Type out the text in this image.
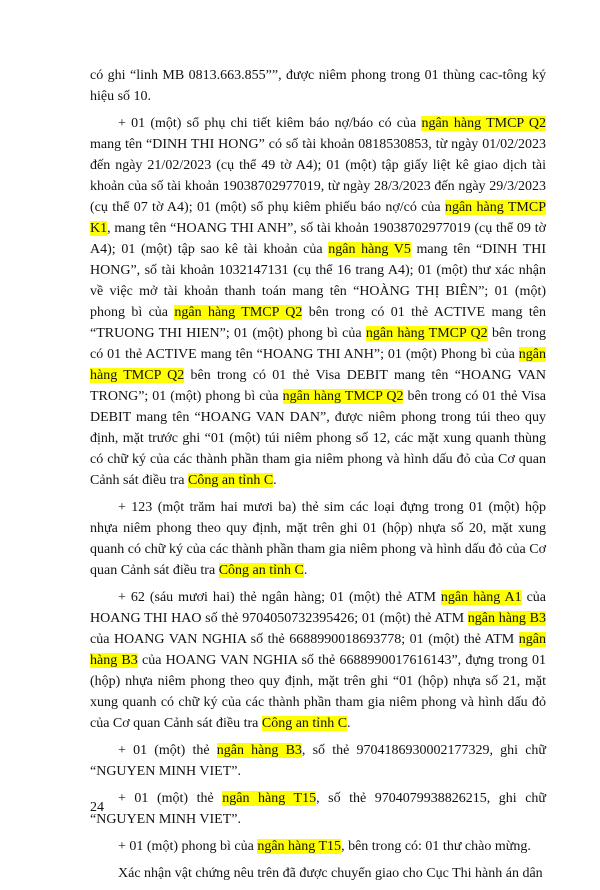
có ghi “linh MB 0813.663.855””, được niêm phong trong 01 thùng cac-tông ký hiệu số 10.

+ 01 (một) sổ phụ chi tiết kiêm báo nợ/báo có của ngân hàng TMCP Q2 mang tên “DINH THI HONG” có số tài khoản 0818530853, từ ngày 01/02/2023 đến ngày 21/02/2023 (cụ thể 49 tờ A4); 01 (một) tập giấy liệt kê giao dịch tài khoản của số tài khoản 19038702977019, từ ngày 28/3/2023 đến ngày 29/3/2023 (cụ thể 07 tờ A4); 01 (một) sổ phụ kiêm phiếu báo nợ/có của ngân hàng TMCP K1, mang tên “HOANG THI ANH”, số tài khoản 19038702977019 (cụ thể 09 tờ A4); 01 (một) tập sao kê tài khoản của ngân hàng V5 mang tên “DINH THI HONG”, số tài khoản 1032147131 (cụ thể 16 trang A4); 01 (một) thư xác nhận về việc mở tài khoản thanh toán mang tên “HOÀNG THỊ BIÊN”; 01 (một) phong bì của ngân hàng TMCP Q2 bên trong có 01 thẻ ACTIVE mang tên “TRUONG THI HIEN”; 01 (một) phong bì của ngân hàng TMCP Q2 bên trong có 01 thẻ ACTIVE mang tên “HOANG THI ANH”; 01 (một) Phong bì của ngân hàng TMCP Q2 bên trong có 01 thẻ Visa DEBIT mang tên “HOANG VAN TRONG”; 01 (một) phong bì của ngân hàng TMCP Q2 bên trong có 01 thẻ Visa DEBIT mang tên “HOANG VAN DAN”, được niêm phong trong túi theo quy định, mặt trước ghi “01 (một) túi niêm phong số 12, các mặt xung quanh thùng có chữ ký của các thành phần tham gia niêm phong và hình dấu đỏ của Cơ quan Cảnh sát điều tra Công an tỉnh C.

+ 123 (một trăm hai mươi ba) thẻ sim các loại đựng trong 01 (một) hộp nhựa niêm phong theo quy định, mặt trên ghi 01 (hộp) nhựa số 20, mặt xung quanh có chữ ký của các thành phần tham gia niêm phong và hình dấu đỏ của Cơ quan Cảnh sát điều tra Công an tỉnh C.

+ 62 (sáu mươi hai) thẻ ngân hàng; 01 (một) thẻ ATM ngân hàng A1 của HOANG THI HAO số thẻ 9704050732395426; 01 (một) thẻ ATM ngân hàng B3 của HOANG VAN NGHIA số thẻ 6688990018693778; 01 (một) thẻ ATM ngân hàng B3 của HOANG VAN NGHIA số thẻ 6688990017616143”, đựng trong 01 (hộp) nhựa niêm phong theo quy định, mặt trên ghi “01 (hộp) nhựa số 21, mặt xung quanh có chữ ký của các thành phần tham gia niêm phong và hình dấu đỏ của Cơ quan Cảnh sát điều tra Công an tỉnh C.

+ 01 (một) thẻ ngân hàng B3, số thẻ 9704186930002177329, ghi chữ “NGUYEN MINH VIET”.

+ 01 (một) thẻ ngân hàng T15, số thẻ 9704079938826215, ghi chữ “NGUYEN MINH VIET”.

+ 01 (một) phong bì của ngân hàng T15, bên trong có: 01 thư chào mừng.

Xác nhận vật chứng nêu trên đã được chuyển giao cho Cục Thi hành án dân

24
